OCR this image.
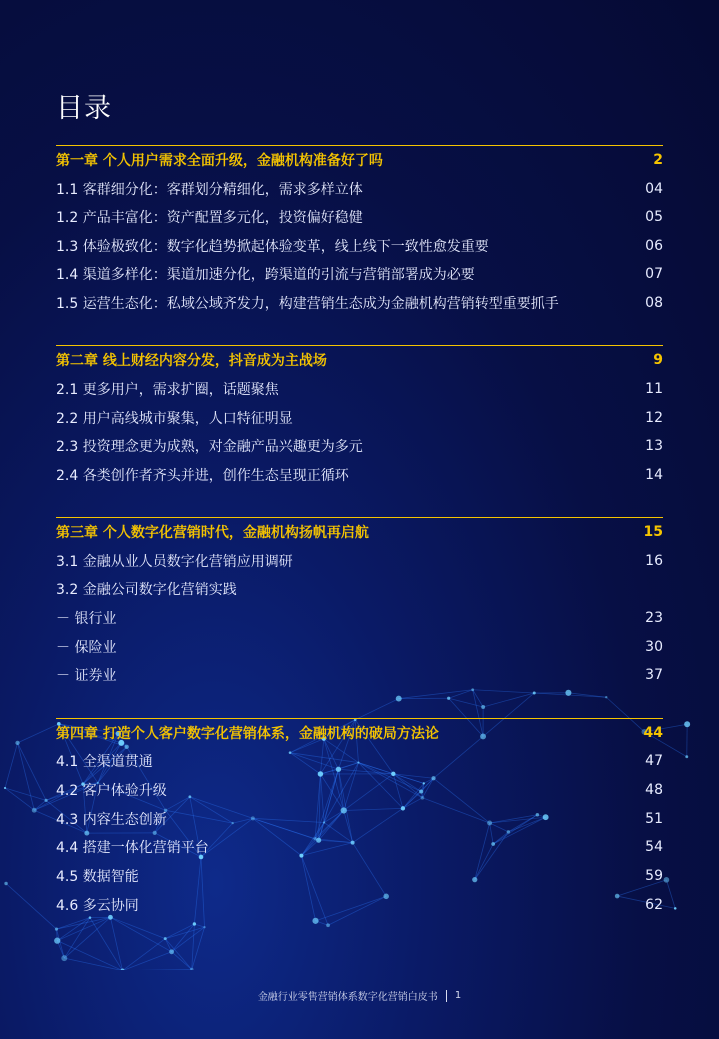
目录
第一章 个人用户需求全面升级，金融机构准备好了吗	2
1.1 客群细分化：客群划分精细化，需求多样立体	04
1.2 产品丰富化：资产配置多元化，投资偏好稳健	05
1.3 体验极致化：数字化趋势掀起体验变革，线上线下一致性愈发重要	06
1.4 渠道多样化：渠道加速分化，跨渠道的引流与营销部署成为必要	07
1.5 运营生态化：私域公域齐发力，构建营销生态成为金融机构营销转型重要抓手	08
第二章 线上财经内容分发，抖音成为主战场	9
2.1 更多用户，需求扩圈，话题聚焦	11
2.2 用户高线城市聚集，人口特征明显	12
2.3 投资理念更为成熟，对金融产品兴趣更为多元	13
2.4 各类创作者齐头并进，创作生态呈现正循环	14
第三章 个人数字化营销时代，金融机构扬帆再启航	15
3.1 金融从业人员数字化营销应用调研	16
3.2 金融公司数字化营销实践
－ 银行业	23
－ 保险业	30
－ 证券业	37
第四章 打造个人客户数字化营销体系，金融机构的破局方法论	44
4.1 全渠道贯通	47
4.2 客户体验升级	48
4.3 内容生态创新	51
4.4 搭建一体化营销平台	54
4.5 数据智能	59
4.6 多云协同	62
金融行业零售营销体系数字化营销白皮书 1
